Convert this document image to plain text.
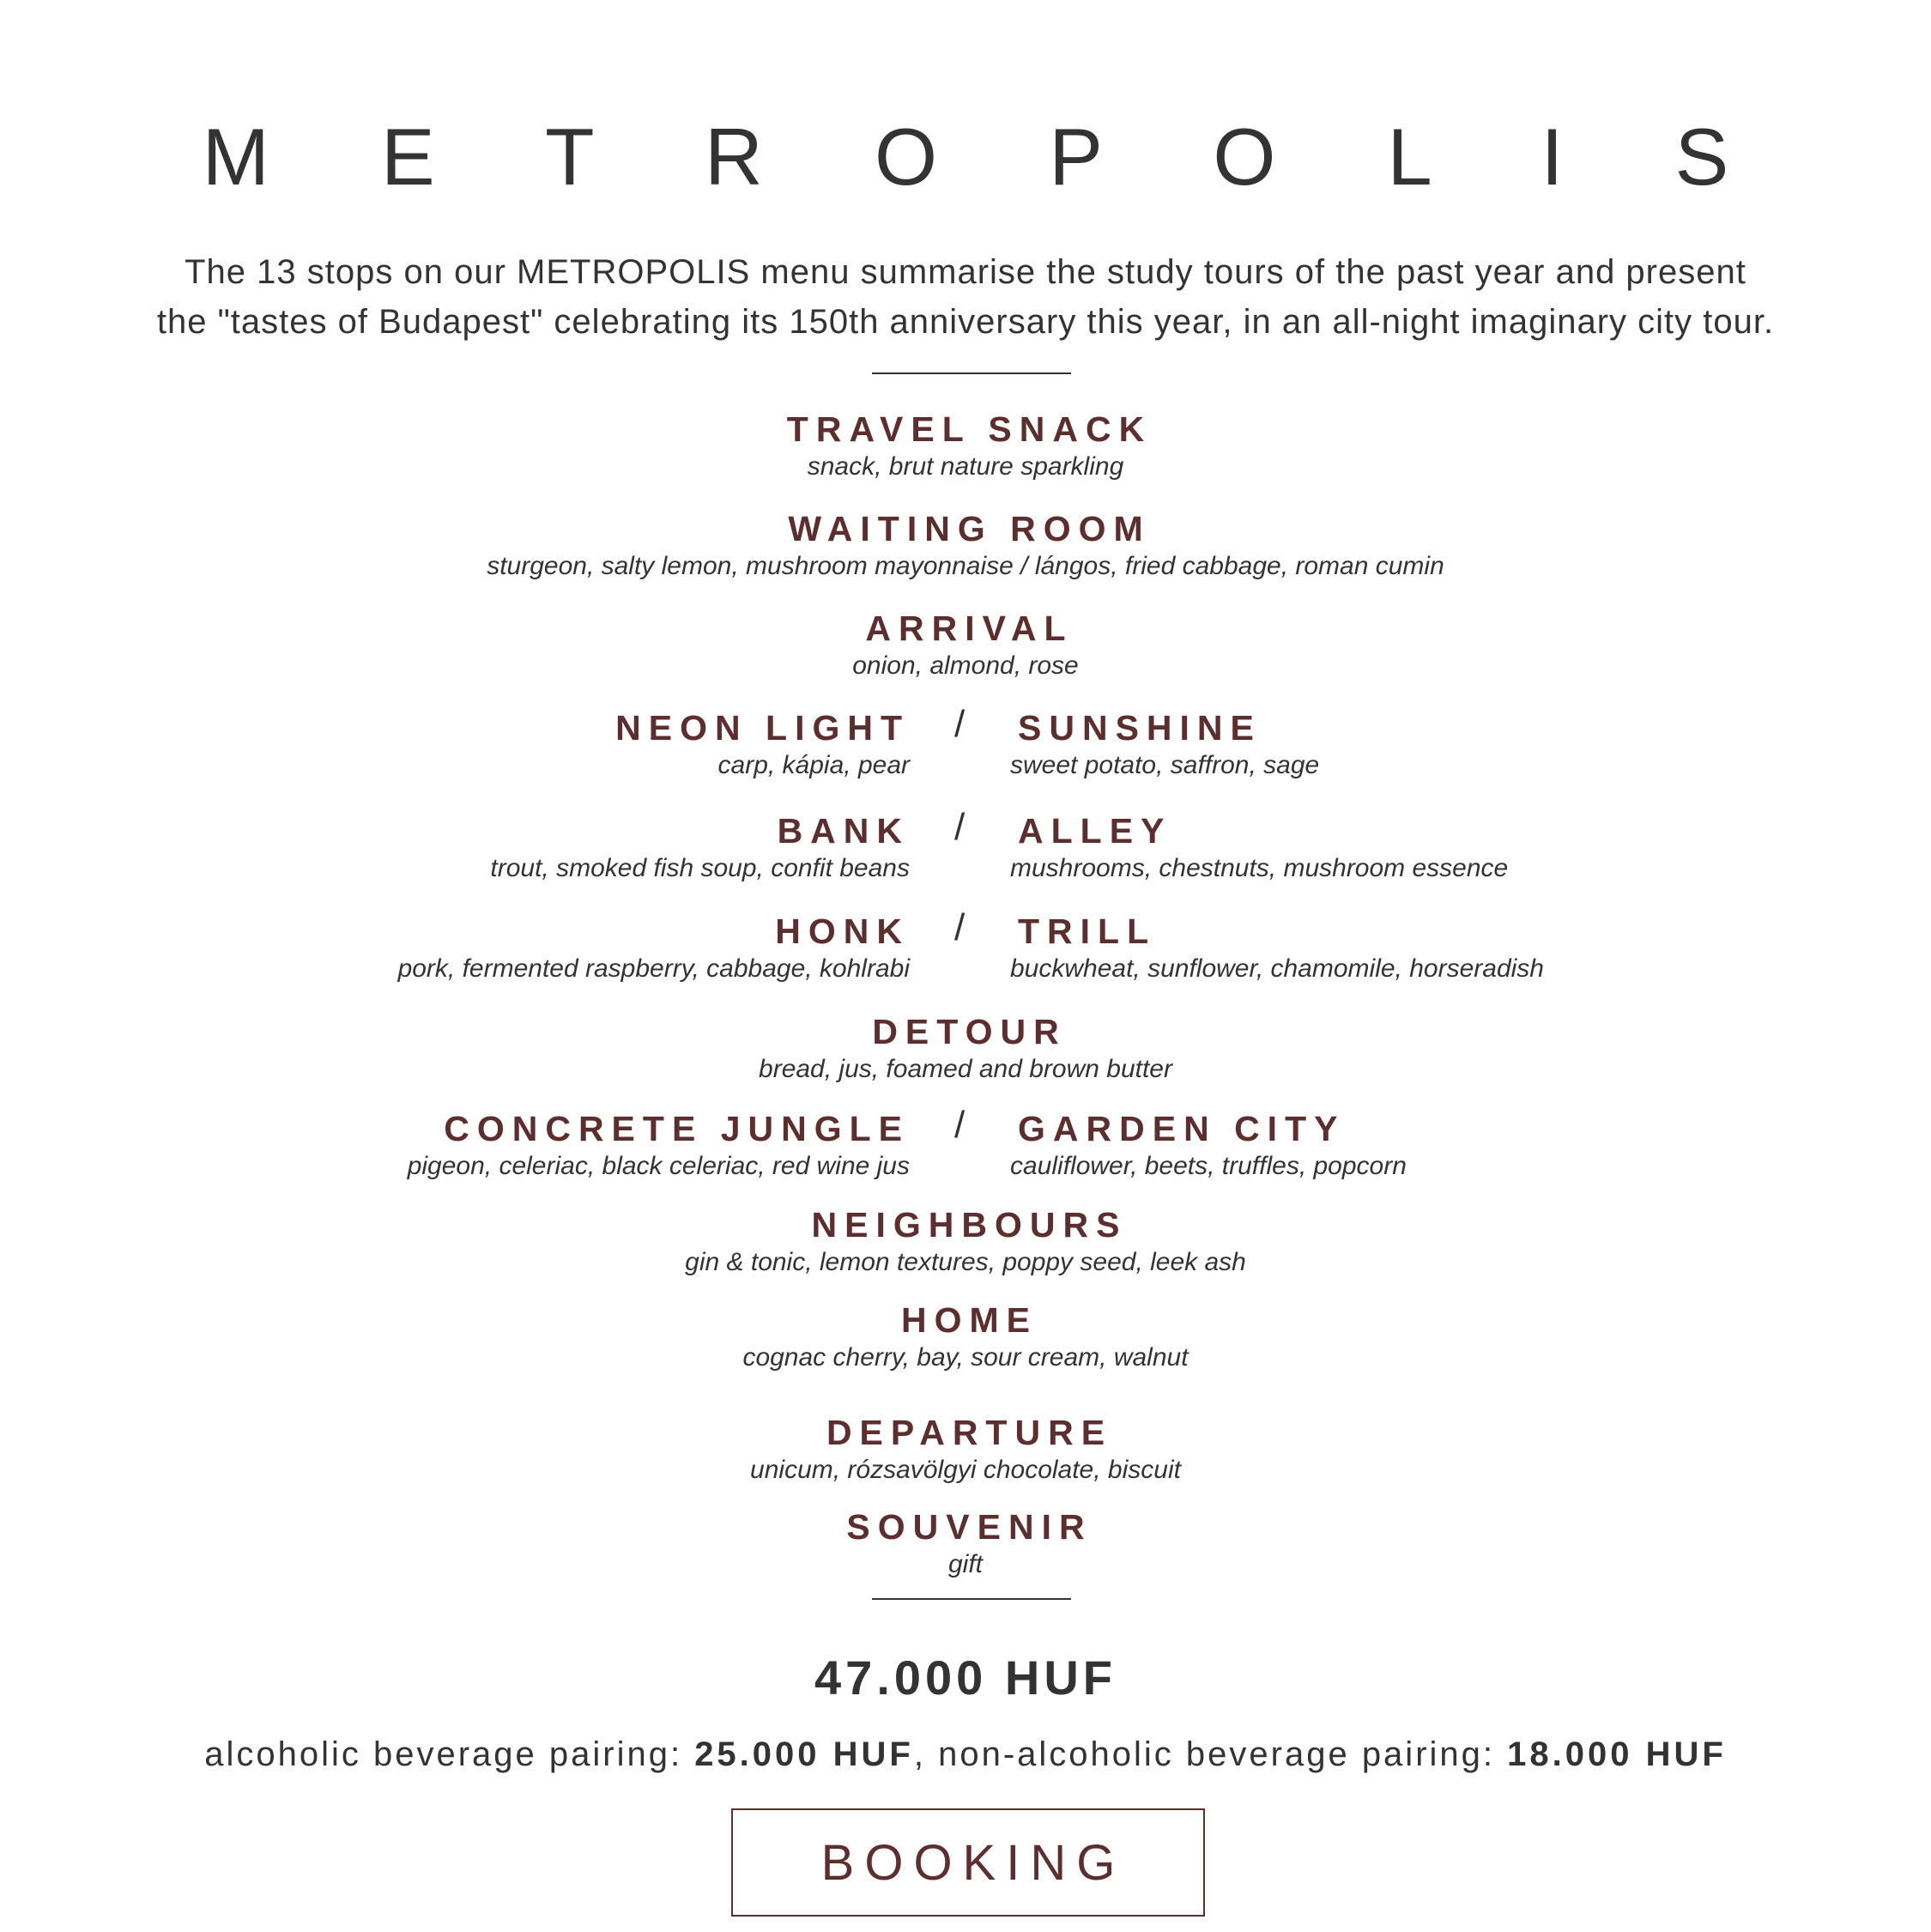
M E T R O P O L I S
The 13 stops on our METROPOLIS menu summarise the study tours of the past year and present
the "tastes of Budapest" celebrating its 150th anniversary this year, in an all-night imaginary city tour.
TRAVEL SNACK
snack, brut nature sparkling
WAITING ROOM
sturgeon, salty lemon, mushroom mayonnaise / lángos, fried cabbage, roman cumin
ARRIVAL
onion, almond, rose
NEON LIGHT
carp, kápia, pear
/ SUNSHINE
sweet potato, saffron, sage
BANK
trout, smoked fish soup, confit beans
/ ALLEY
mushrooms, chestnuts, mushroom essence
HONK
pork, fermented raspberry, cabbage, kohlrabi
/ TRILL
buckwheat, sunflower, chamomile, horseradish
DETOUR
bread, jus, foamed and brown butter
CONCRETE JUNGLE
pigeon, celeriac, black celeriac, red wine jus
/ GARDEN CITY
cauliflower, beets, truffles, popcorn
NEIGHBOURS
gin & tonic, lemon textures, poppy seed, leek ash
HOME
cognac cherry, bay, sour cream, walnut
DEPARTURE
unicum, rózsavölgyi chocolate, biscuit
SOUVENIR
gift
47.000 HUF
alcoholic beverage pairing: 25.000 HUF, non-alcoholic beverage pairing: 18.000 HUF
BOOKING
